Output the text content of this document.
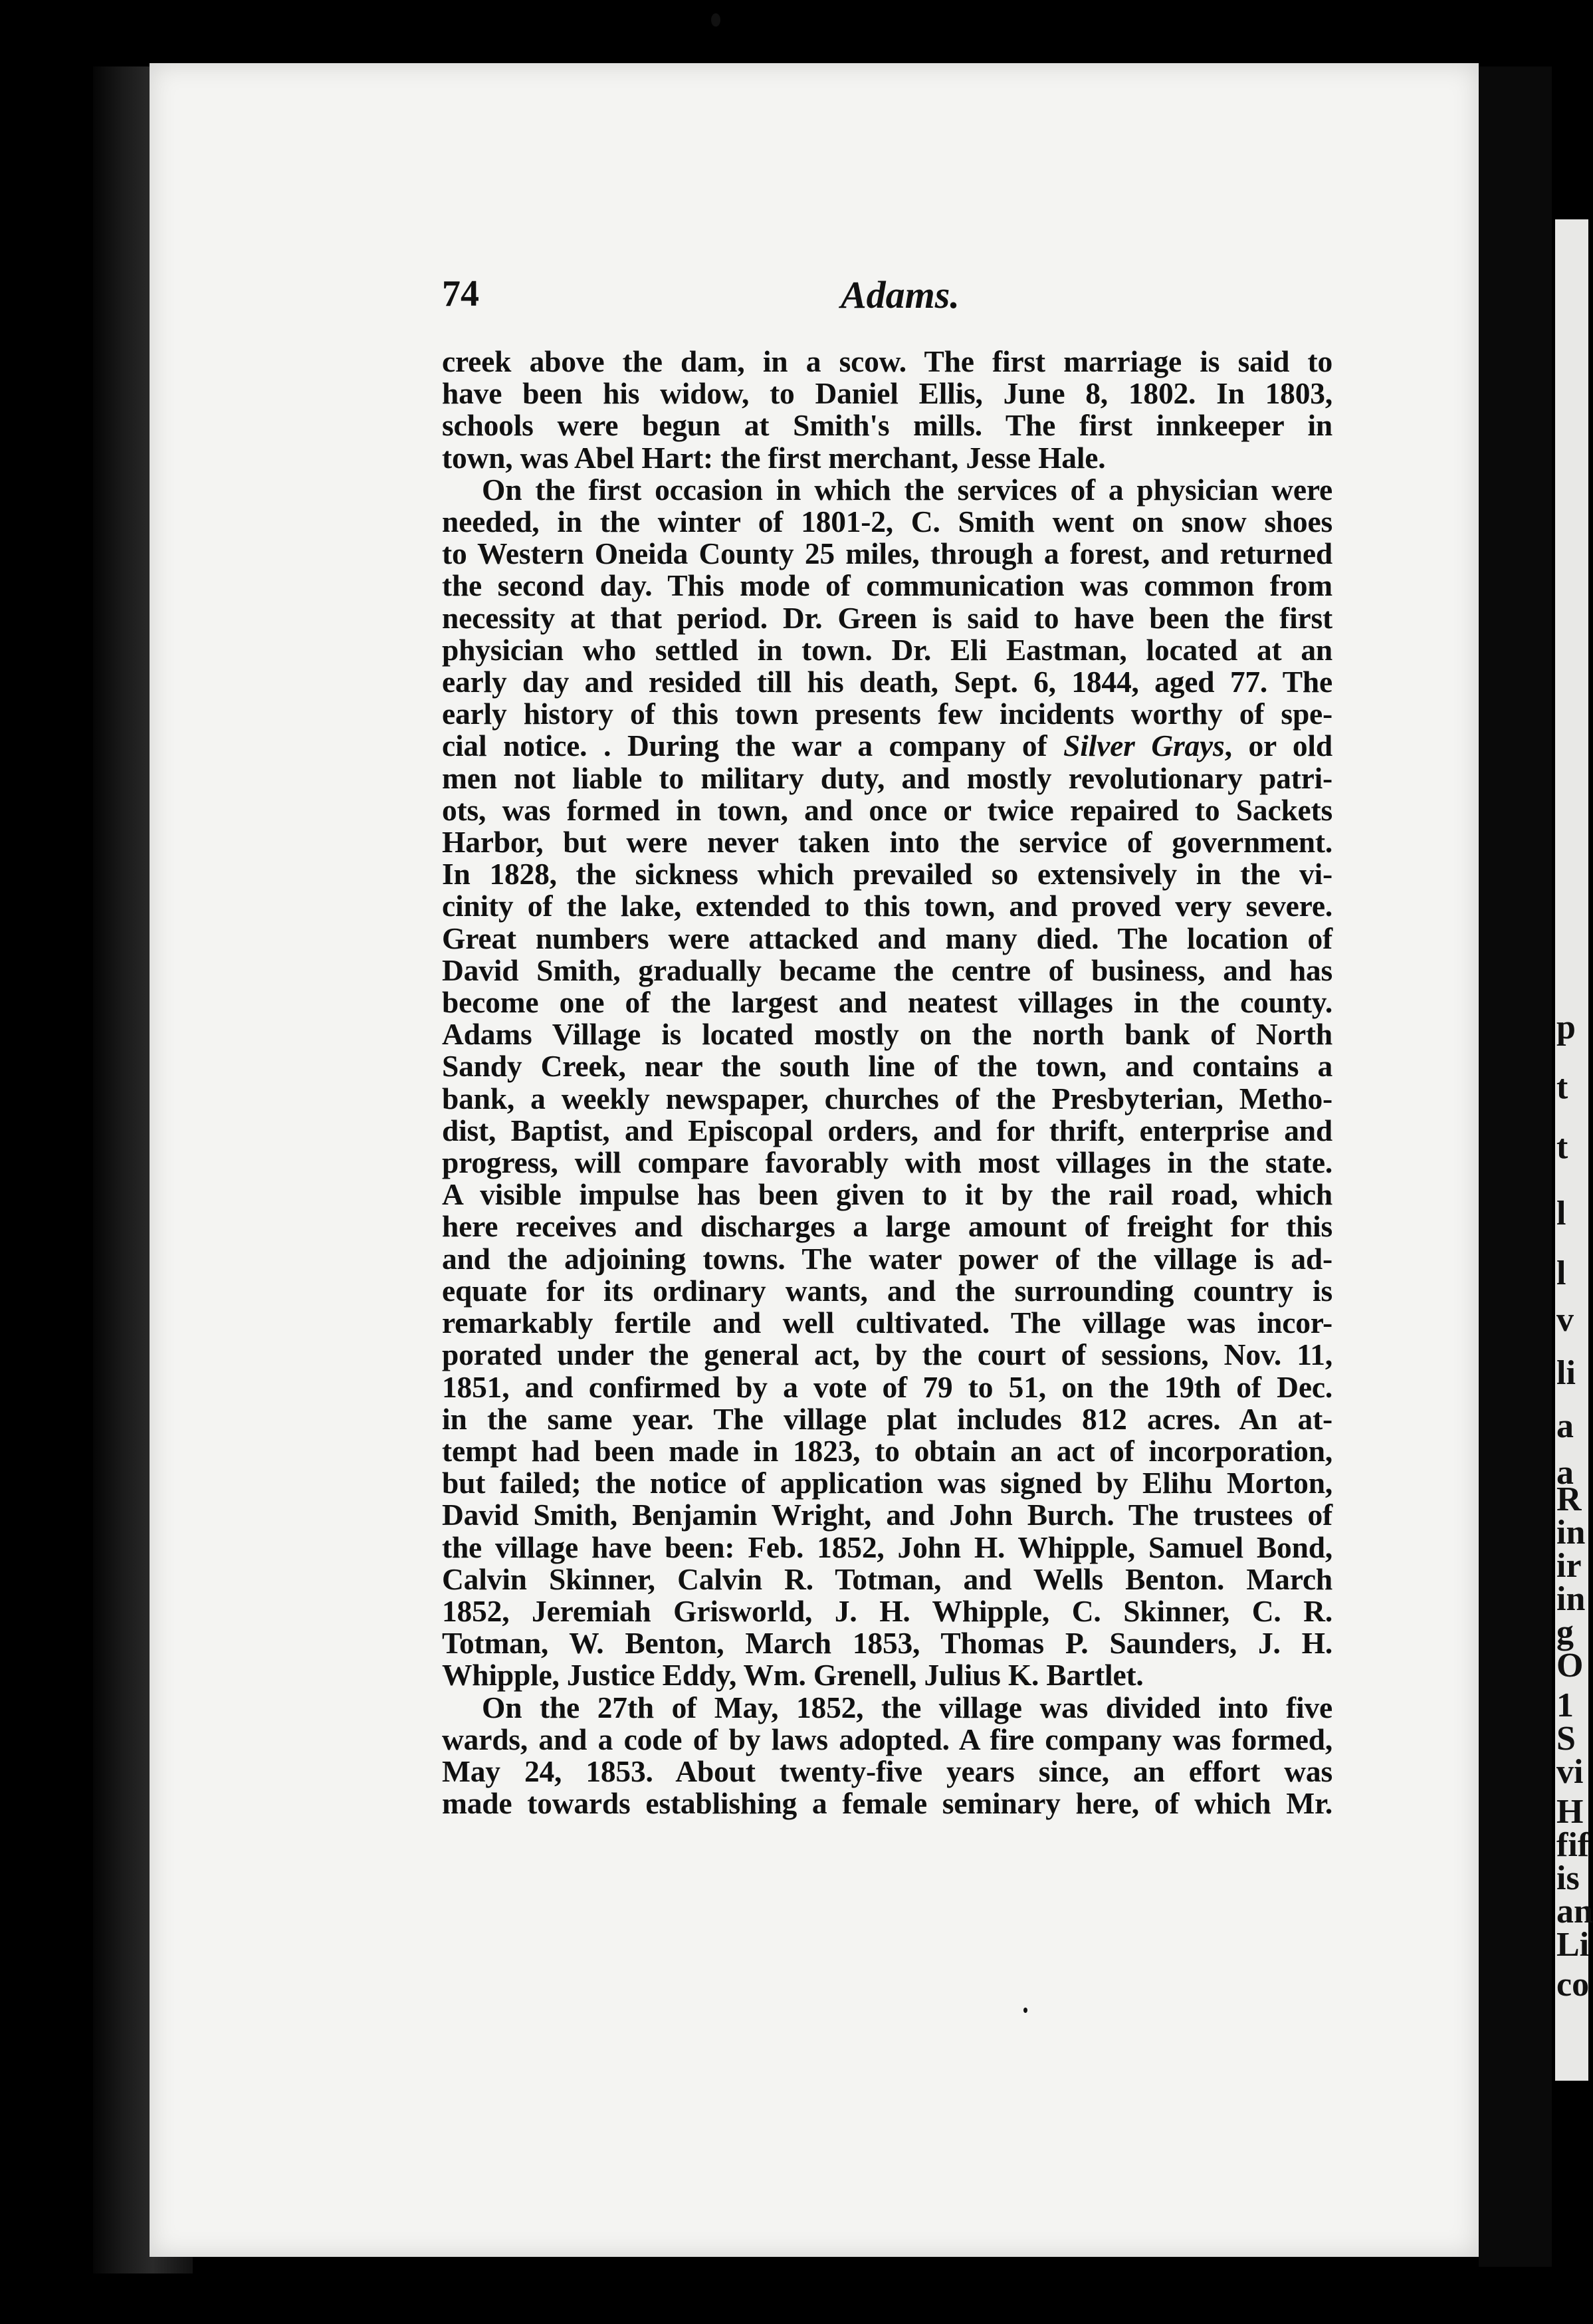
p
t
t
l
l
v
li
a
a
R
in
ir
in
g
O
1
S
vi
H
fif
is
an
Li
co
74	Adams.
creek above the dam, in a scow. The first marriage is said to
have been his widow, to Daniel Ellis, June 8, 1802. In 1803,
schools were begun at Smith's mills. The first innkeeper in
town, was Abel Hart: the first merchant, Jesse Hale.
On the first occasion in which the services of a physician were
needed, in the winter of 1801-2, C. Smith went on snow shoes
to Western Oneida County 25 miles, through a forest, and returned
the second day. This mode of communication was common from
necessity at that period. Dr. Green is said to have been the first
physician who settled in town. Dr. Eli Eastman, located at an
early day and resided till his death, Sept. 6, 1844, aged 77. The
early history of this town presents few incidents worthy of spe-
cial notice. . During the war a company of Silver Grays, or old
men not liable to military duty, and mostly revolutionary patri-
ots, was formed in town, and once or twice repaired to Sackets
Harbor, but were never taken into the service of government.
In 1828, the sickness which prevailed so extensively in the vi-
cinity of the lake, extended to this town, and proved very severe.
Great numbers were attacked and many died. The location of
David Smith, gradually became the centre of business, and has
become one of the largest and neatest villages in the county.
Adams Village is located mostly on the north bank of North
Sandy Creek, near the south line of the town, and contains a
bank, a weekly newspaper, churches of the Presbyterian, Metho-
dist, Baptist, and Episcopal orders, and for thrift, enterprise and
progress, will compare favorably with most villages in the state.
A visible impulse has been given to it by the rail road, which
here receives and discharges a large amount of freight for this
and the adjoining towns. The water power of the village is ad-
equate for its ordinary wants, and the surrounding country is
remarkably fertile and well cultivated. The village was incor-
porated under the general act, by the court of sessions, Nov. 11,
1851, and confirmed by a vote of 79 to 51, on the 19th of Dec.
in the same year. The village plat includes 812 acres. An at-
tempt had been made in 1823, to obtain an act of incorporation,
but failed; the notice of application was signed by Elihu Morton,
David Smith, Benjamin Wright, and John Burch. The trustees of
the village have been: Feb. 1852, John H. Whipple, Samuel Bond,
Calvin Skinner, Calvin R. Totman, and Wells Benton. March
1852, Jeremiah Grisworld, J. H. Whipple, C. Skinner, C. R.
Totman, W. Benton, March 1853, Thomas P. Saunders, J. H.
Whipple, Justice Eddy, Wm. Grenell, Julius K. Bartlet.
On the 27th of May, 1852, the village was divided into five
wards, and a code of by laws adopted. A fire company was formed,
May 24, 1853. About twenty-five years since, an effort was
made towards establishing a female seminary here, of which Mr.
